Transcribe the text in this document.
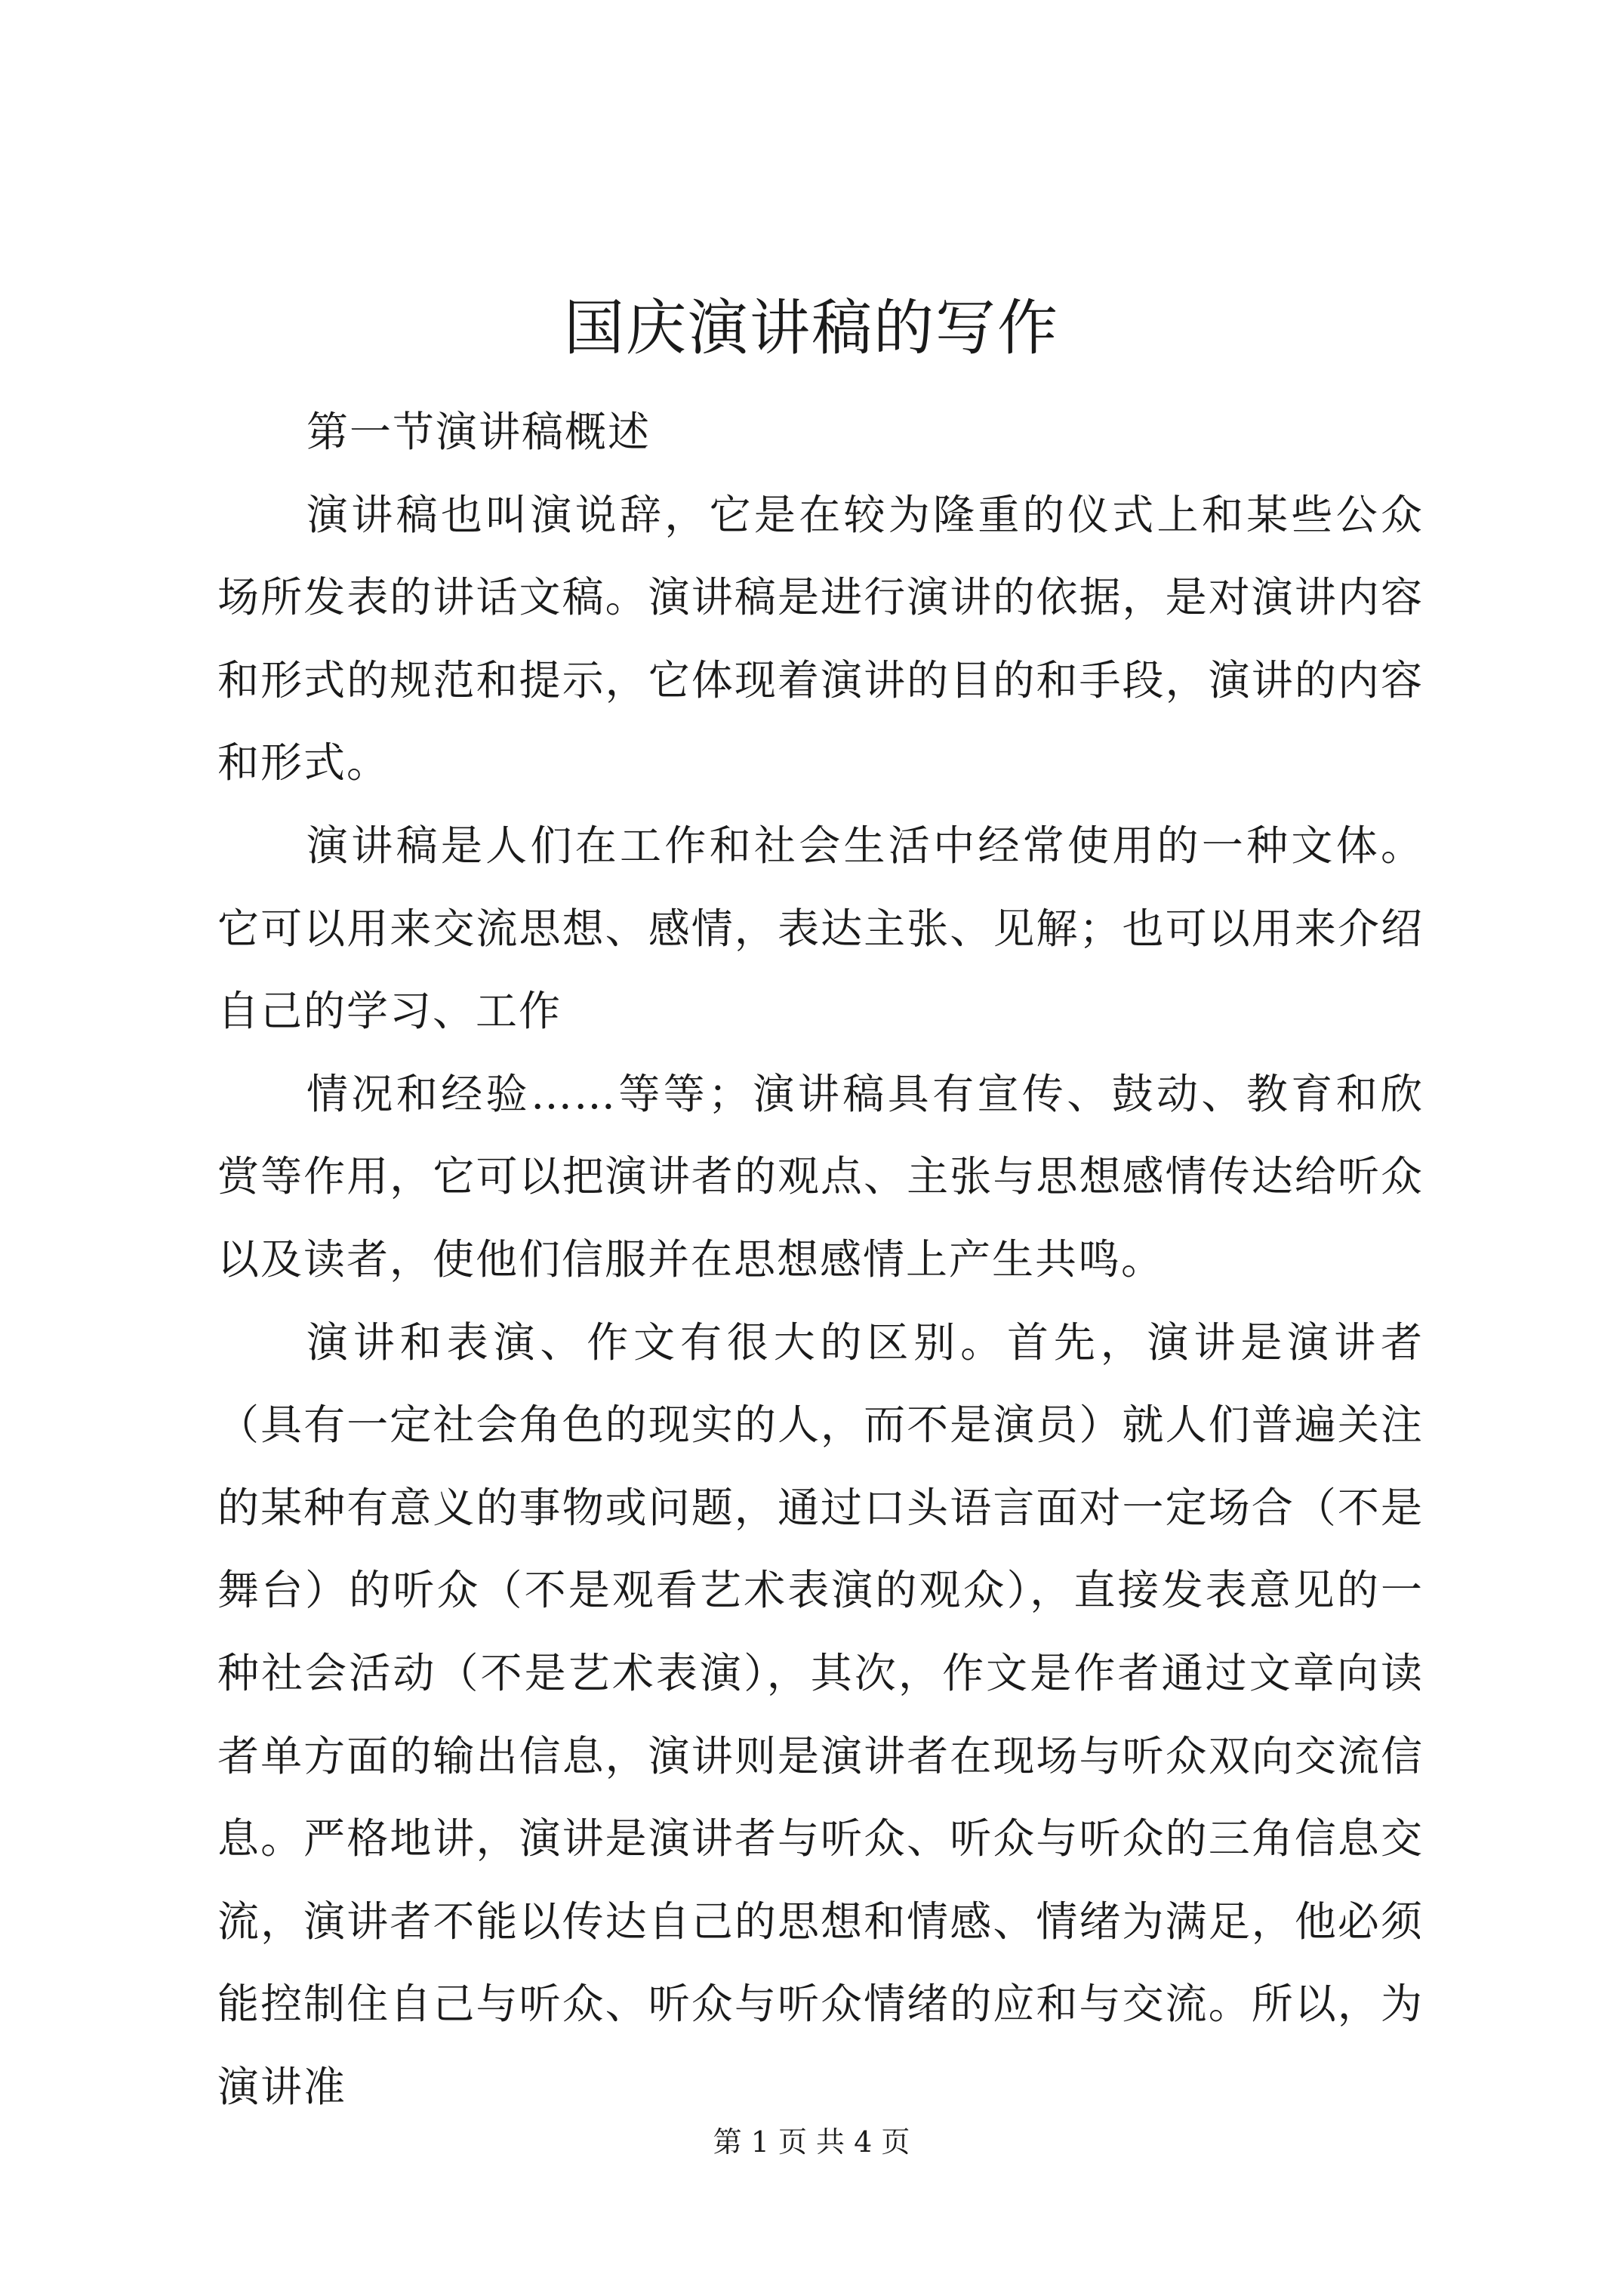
国庆演讲稿的写作

第一节演讲稿概述

演讲稿也叫演说辞，它是在较为隆重的仪式上和某些公众场所发表的讲话文稿。演讲稿是进行演讲的依据，是对演讲内容和形式的规范和提示，它体现着演讲的目的和手段，演讲的内容和形式。

演讲稿是人们在工作和社会生活中经常使用的一种文体。它可以用来交流思想、感情，表达主张、见解；也可以用来介绍自己的学习、工作

情况和经验……等等；演讲稿具有宣传、鼓动、教育和欣赏等作用，它可以把演讲者的观点、主张与思想感情传达给听众以及读者，使他们信服并在思想感情上产生共鸣。

演讲和表演、作文有很大的区别。首先，演讲是演讲者（具有一定社会角色的现实的人，而不是演员）就人们普遍关注的某种有意义的事物或问题，通过口头语言面对一定场合（不是舞台）的听众（不是观看艺术表演的观众），直接发表意见的一种社会活动（不是艺术表演），其次，作文是作者通过文章向读者单方面的输出信息，演讲则是演讲者在现场与听众双向交流信息。严格地讲，演讲是演讲者与听众、听众与听众的三角信息交流，演讲者不能以传达自己的思想和情感、情绪为满足，他必须能控制住自己与听众、听众与听众情绪的应和与交流。所以，为演讲准

第 1 页 共 4 页
